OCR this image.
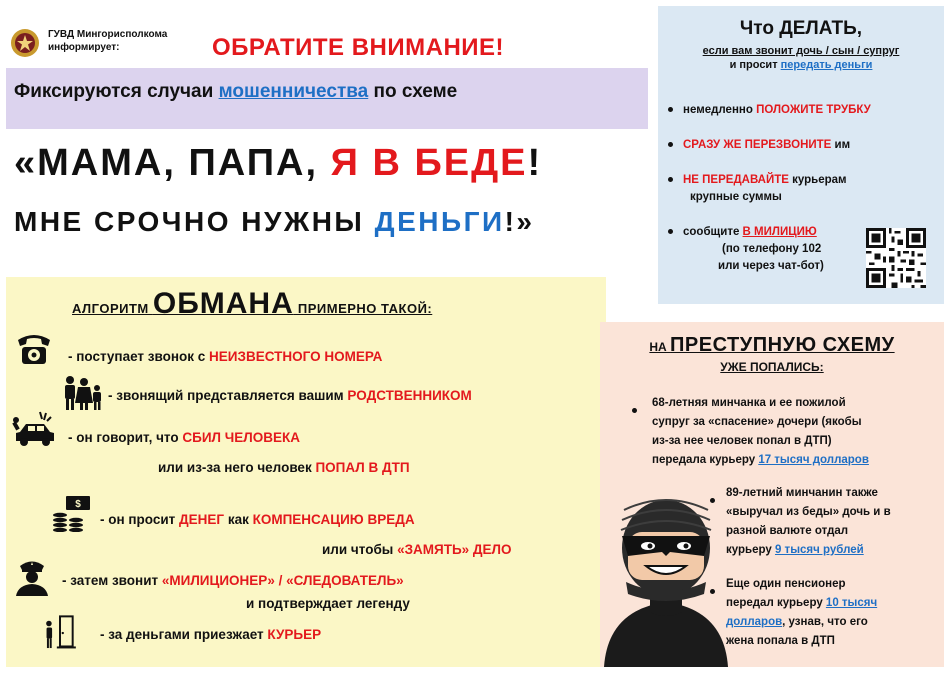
ГУВД Мингорисполкома
информирует:	ОБРАТИТЕ ВНИМАНИЕ!
Фиксируются случаи мошенничества по схеме
«МАМА, ПАПА, Я В БЕДЕ!
МНЕ СРОЧНО НУЖНЫ ДЕНЬГИ!»
Что ДЕЛАТЬ,
если вам звонит дочь / сын / супруг
и просит передать деньги
немедленно ПОЛОЖИТЕ ТРУБКУ
СРАЗУ ЖЕ ПЕРЕЗВОНИТЕ им
НЕ ПЕРЕДАВАЙТЕ курьерам
крупные суммы
сообщите В МИЛИЦИЮ
(по телефону 102
или через чат-бот)
АЛГОРИТМ ОБМАНА ПРИМЕРНО ТАКОЙ:
- поступает звонок с НЕИЗВЕСТНОГО НОМЕРА
- звонящий представляется вашим РОДСТВЕННИКОМ
- он говорит, что СБИЛ ЧЕЛОВЕКА
или из-за него человек ПОПАЛ В ДТП
$
- он просит ДЕНЕГ как КОМПЕНСАЦИЮ ВРЕДА
или чтобы «ЗАМЯТЬ» ДЕЛО
- затем звонит «МИЛИЦИОНЕР» / «СЛЕДОВАТЕЛЬ»
и подтверждает легенду
- за деньгами приезжает КУРЬЕР
НА ПРЕСТУПНУЮ СХЕМУ
УЖЕ ПОПАЛИСЬ:
68-летняя минчанка и ее пожилой
супруг за «спасение» дочери (якобы
из-за нее человек попал в ДТП)
передала курьеру 17 тысяч долларов
89-летний минчанин также
«выручал из беды» дочь и в
разной валюте отдал
курьеру 9 тысяч рублей
Еще один пенсионер
передал курьеру 10 тысяч
долларов, узнав, что его
жена попала в ДТП
